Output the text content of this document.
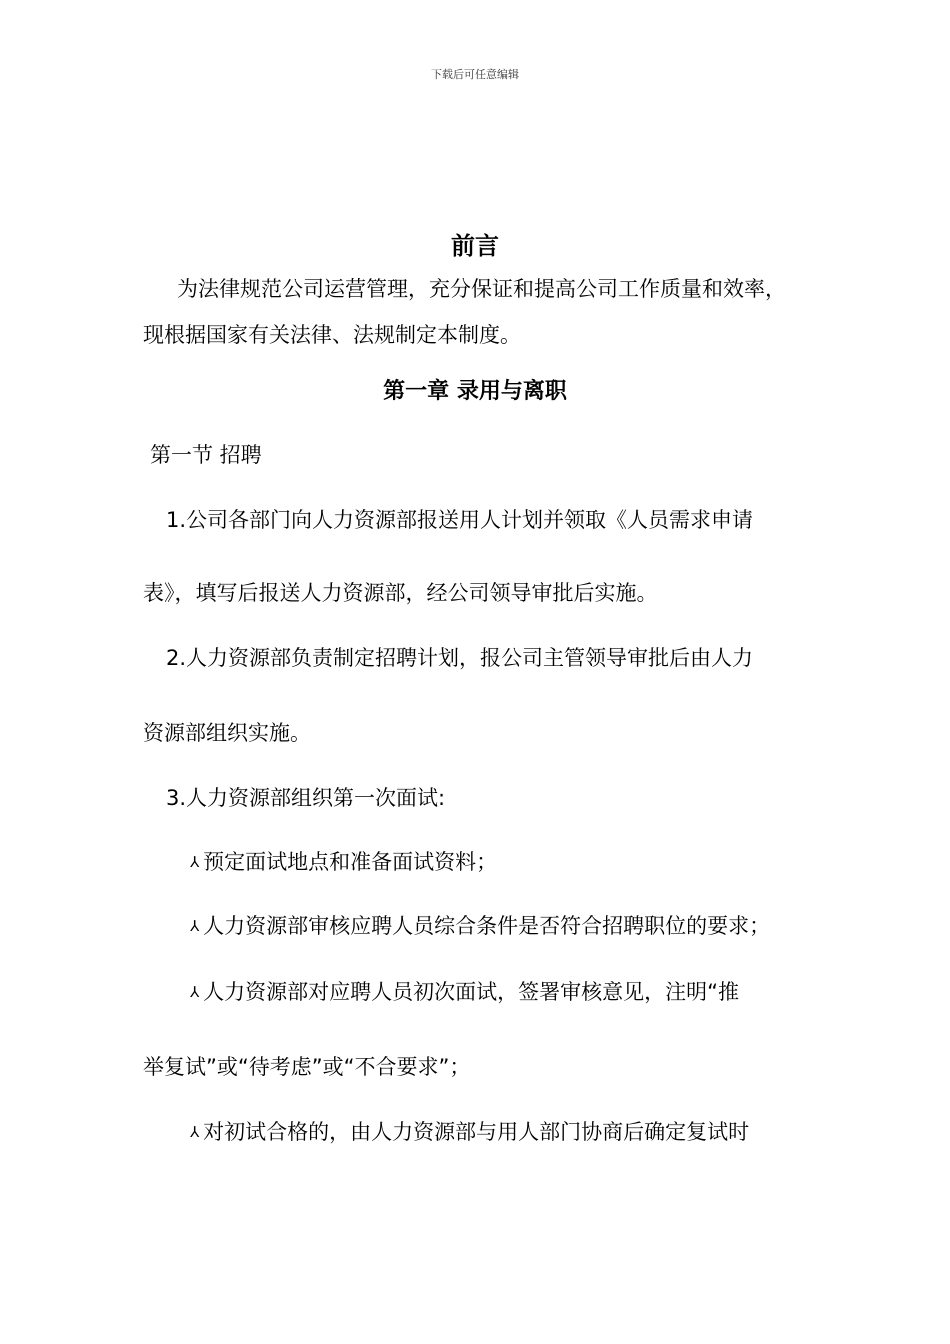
下载后可任意编辑

前言

为法律规范公司运营管理，充分保证和提高公司工作质量和效率，

现根据国家有关法律、法规制定本制度。

第一章 录用与离职

第一节 招聘

1.公司各部门向人力资源部报送用人计划并领取《人员需求申请

表》，填写后报送人力资源部，经公司领导审批后实施。

2.人力资源部负责制定招聘计划，报公司主管领导审批后由人力

资源部组织实施。

3.人力资源部组织第一次面试:

⅄ 预定面试地点和准备面试资料；

⅄ 人力资源部审核应聘人员综合条件是否符合招聘职位的要求；

⅄ 人力资源部对应聘人员初次面试，签署审核意见，注明“推

举复试”或“待考虑”或“不合要求”；

⅄ 对初试合格的，由人力资源部与用人部门协商后确定复试时
